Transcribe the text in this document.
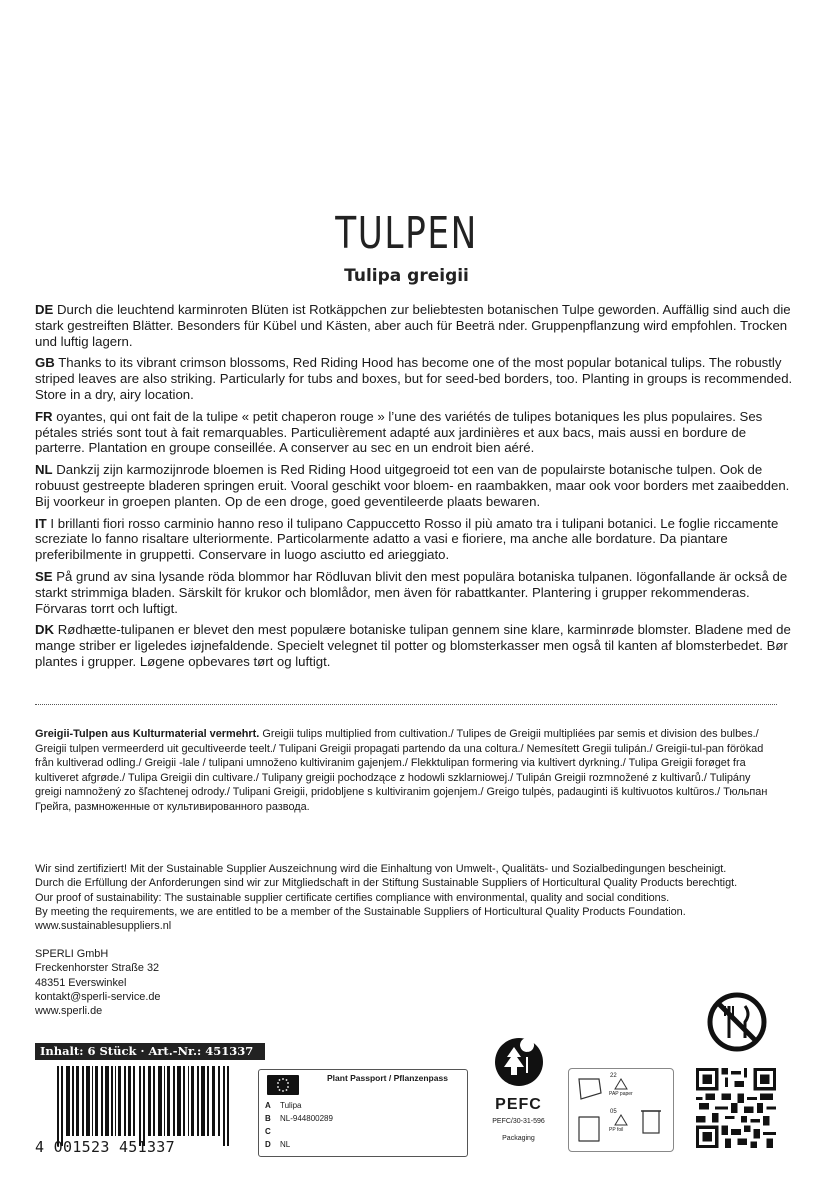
TULPEN
Tulipa greigii
DE Durch die leuchtend karminroten Blüten ist Rotkäppchen zur beliebtesten botanischen Tulpe geworden. Auffällig sind auch die stark gestreiften Blätter. Besonders für Kübel und Kästen, aber auch für Beeträ nder. Gruppenpflanzung wird empfohlen. Trocken und luftig lagern.
GB Thanks to its vibrant crimson blossoms, Red Riding Hood has become one of the most popular botanical tulips. The robustly striped leaves are also striking. Particularly for tubs and boxes, but for seed-bed borders, too. Planting in groups is recommended. Store in a dry, airy location.
FR oyantes, qui ont fait de la tulipe « petit chaperon rouge » l’une des variétés de tulipes botaniques les plus populaires. Ses pétales striés sont tout à fait remarquables. Particulièrement adapté aux jardinières et aux bacs, mais aussi en bordure de parterre. Plantation en groupe conseillée. A conserver au sec en un endroit bien aéré.
NL Dankzij zijn karmozijnrode bloemen is Red Riding Hood uitgegroeid tot een van de populairste botanische tulpen. Ook de robuust gestreepte bladeren springen eruit. Vooral geschikt voor bloem- en raambakken, maar ook voor borders met zaaibedden. Bij voorkeur in groepen planten. Op de een droge, goed geventileerde plaats bewaren.
IT I brillanti fiori rosso carminio hanno reso il tulipano Cappuccetto Rosso il più amato tra i tulipani botanici. Le foglie riccamente screziate lo fanno risaltare ulteriormente. Particolarmente adatto a vasi e fioriere, ma anche alle bordature. Da piantare preferibilmente in gruppetti. Conservare in luogo asciutto ed arieggiato.
SE På grund av sina lysande röda blommor har Rödluvan blivit den mest populära botaniska tulpanen. Iögonfallande är också de starkt strimmiga bladen. Särskilt för krukor och blomlådor, men även för rabattkanter. Plantering i grupper rekommenderas. Förvaras torrt och luftigt.
DK Rødhætte-tulipanen er blevet den mest populære botaniske tulipan gennem sine klare, karminrøde blomster. Bladene med de mange striber er ligeledes iøjnefaldende. Specielt velegnet til potter og blomsterkasser men også til kanten af blomsterbedet. Bør plantes i grupper. Løgene opbevares tørt og luftigt.
Greigii-Tulpen aus Kulturmaterial vermehrt. Greigii tulips multiplied from cultivation./ Tulipes de Greigii multipliées par semis et division des bulbes./ Greigii tulpen vermeerderd uit gecultiveerde teelt./ Tulipani Greigii propagati partendo da una coltura./ Nemesített Gregii tulipán./ Greigii-tul-pan förökad från kultiverad odling./ Greigii -lale / tulipani umnoženo kultiviranim gajenjem./ Flekktulipan formering via kultivert dyrkning./ Tulipa Greigii forøget fra kultiveret afgrøde./ Tulipa Greigii din cultivare./ Tulipany greigii pochodzące z hodowli szklarniowej./ Tulipán Greigii rozmnožené z kultivarů./ Tulipány greigi namnožený zo šľachtenej odrody./ Tulipani Greigii, pridobljene s kultiviranim gojenjem./ Greigo tulpės, padauginti iš kultivuotos kultūros./ Тюльпан Грейга, размноженные от культивированного развода.
Wir sind zertifiziert! Mit der Sustainable Supplier Auszeichnung wird die Einhaltung von Umwelt-, Qualitäts- und Sozialbedingungen bescheinigt.
Durch die Erfüllung der Anforderungen sind wir zur Mitgliedschaft in der Stiftung Sustainable Suppliers of Horticultural Quality Products berechtigt.
Our proof of sustainability: The sustainable supplier certificate certifies compliance with environmental, quality and social conditions.
By meeting the requirements, we are entitled to be a member of the Sustainable Suppliers of Horticultural Quality Products Foundation.
www.sustainablesuppliers.nl
SPERLI GmbH
Freckenhorster Straße 32
48351 Everswinkel
kontakt@sperli-service.de
www.sperli.de
Inhalt: 6 Stück · Art.-Nr.: 451337
4 001523 451337
Plant Passport / Pflanzenpass
A Tulipa
B NL-944800289
C
D NL
PEFC
PEFC/30-31-596
Packaging
22
PAP paper
05
PP foil
